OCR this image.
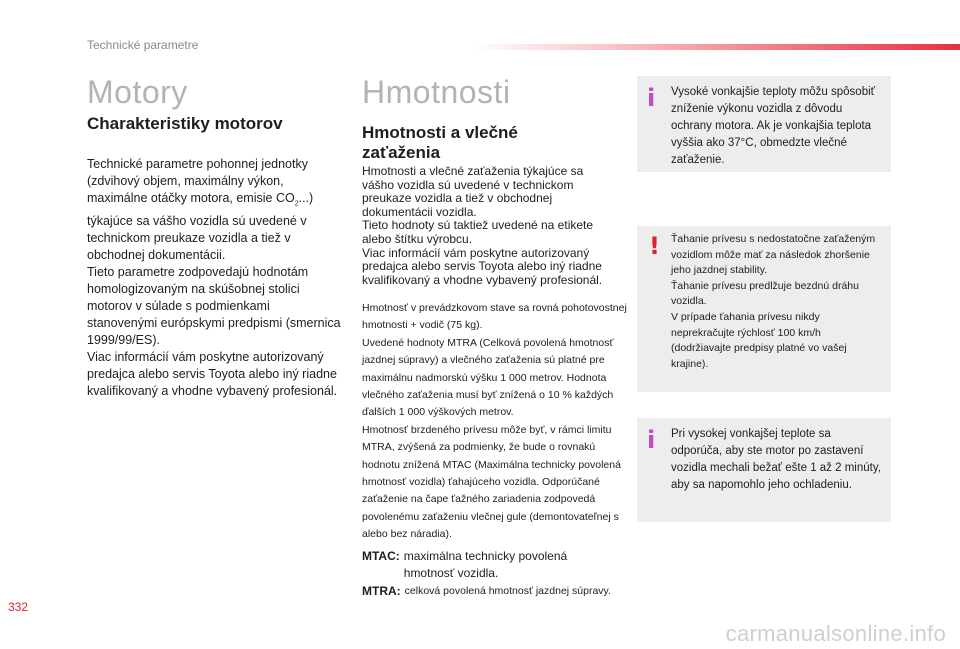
Technické parametre
Motory
Charakteristiky motorov

Technické parametre pohonnej jednotky (zdvihový objem, maximálny výkon, maximálne otáčky motora, emisie $CO_2$...) týkajúce sa vášho vozidla sú uvedené v technickom preukaze vozidla a tiež v obchodnej dokumentácii.

Tieto parametre zodpovedajú hodnotám homologizovaným na skúšobnej stolici motorov v súlade s podmienkami stanovenými európskymi predpismi (smernica 1999/99/ES).

Viac informácií vám poskytne autorizovaný predajca alebo servis Toyota alebo iný riadne kvalifikovaný a vhodne vybavený profesionál.

Hmotnosti
Hmotnosti a vlečné zaťaženia

Hmotnosti a vlečné zaťaženia týkajúce sa vášho vozidla sú uvedené v technickom preukaze vozidla a tiež v obchodnej dokumentácii vozidla.

Tieto hodnoty sú taktiež uvedené na etikete alebo štítku výrobcu.

Viac informácií vám poskytne autorizovaný predajca alebo servis Toyota alebo iný riadne kvalifikovaný a vhodne vybavený profesionál.

Hmotnosť v prevádzkovom stave sa rovná pohotovostnej hmotnosti + vodič (75 kg).

Uvedené hodnoty MTRA (Celková povolená hmotnosť jazdnej súpravy) a vlečného zaťaženia sú platné pre maximálnu nadmorskú výšku 1 000 metrov. Hodnota vlečného zaťaženia musí byť znížená o 10 % každých ďalších 1 000 výškových metrov.

Hmotnosť brzdeného prívesu môže byť, v rámci limitu MTRA, zvýšená za podmienky, že bude o rovnakú hodnotu znížená MTAC (Maximálna technicky povolená hmotnosť vozidla) ťahajúceho vozidla. Odporúčané zaťaženie na čape ťažného zariadenia zodpovedá povolenému zaťaženiu vlečnej gule (demontovateľnej s alebo bez náradia).

MTAC: maximálna technicky povolená hmotnosť vozidla.
MTRA: celková povolená hmotnosť jazdnej súpravy.
i Vysoké vonkajšie teploty môžu spôsobiť zníženie výkonu vozidla z dôvodu ochrany motora. Ak je vonkajšia teplota vyššia ako 37°C, obmedzte vlečné zaťaženie.
! Ťahanie prívesu s nedostatočne zaťaženým vozidlom môže mať za následok zhoršenie jeho jazdnej stability.

Ťahanie prívesu predlžuje bezdnú dráhu vozidla.

V prípade ťahania prívesu nikdy neprekračujte rýchlosť 100 km/h (dodržiavajte predpisy platné vo vašej krajine).

i Pri vysokej vonkajšej teplote sa odporúča, aby ste motor po zastavení vozidla mechali bežať ešte 1 až 2 minúty, aby sa napomohlo jeho ochladeniu.
332
carmanualsonline.info
